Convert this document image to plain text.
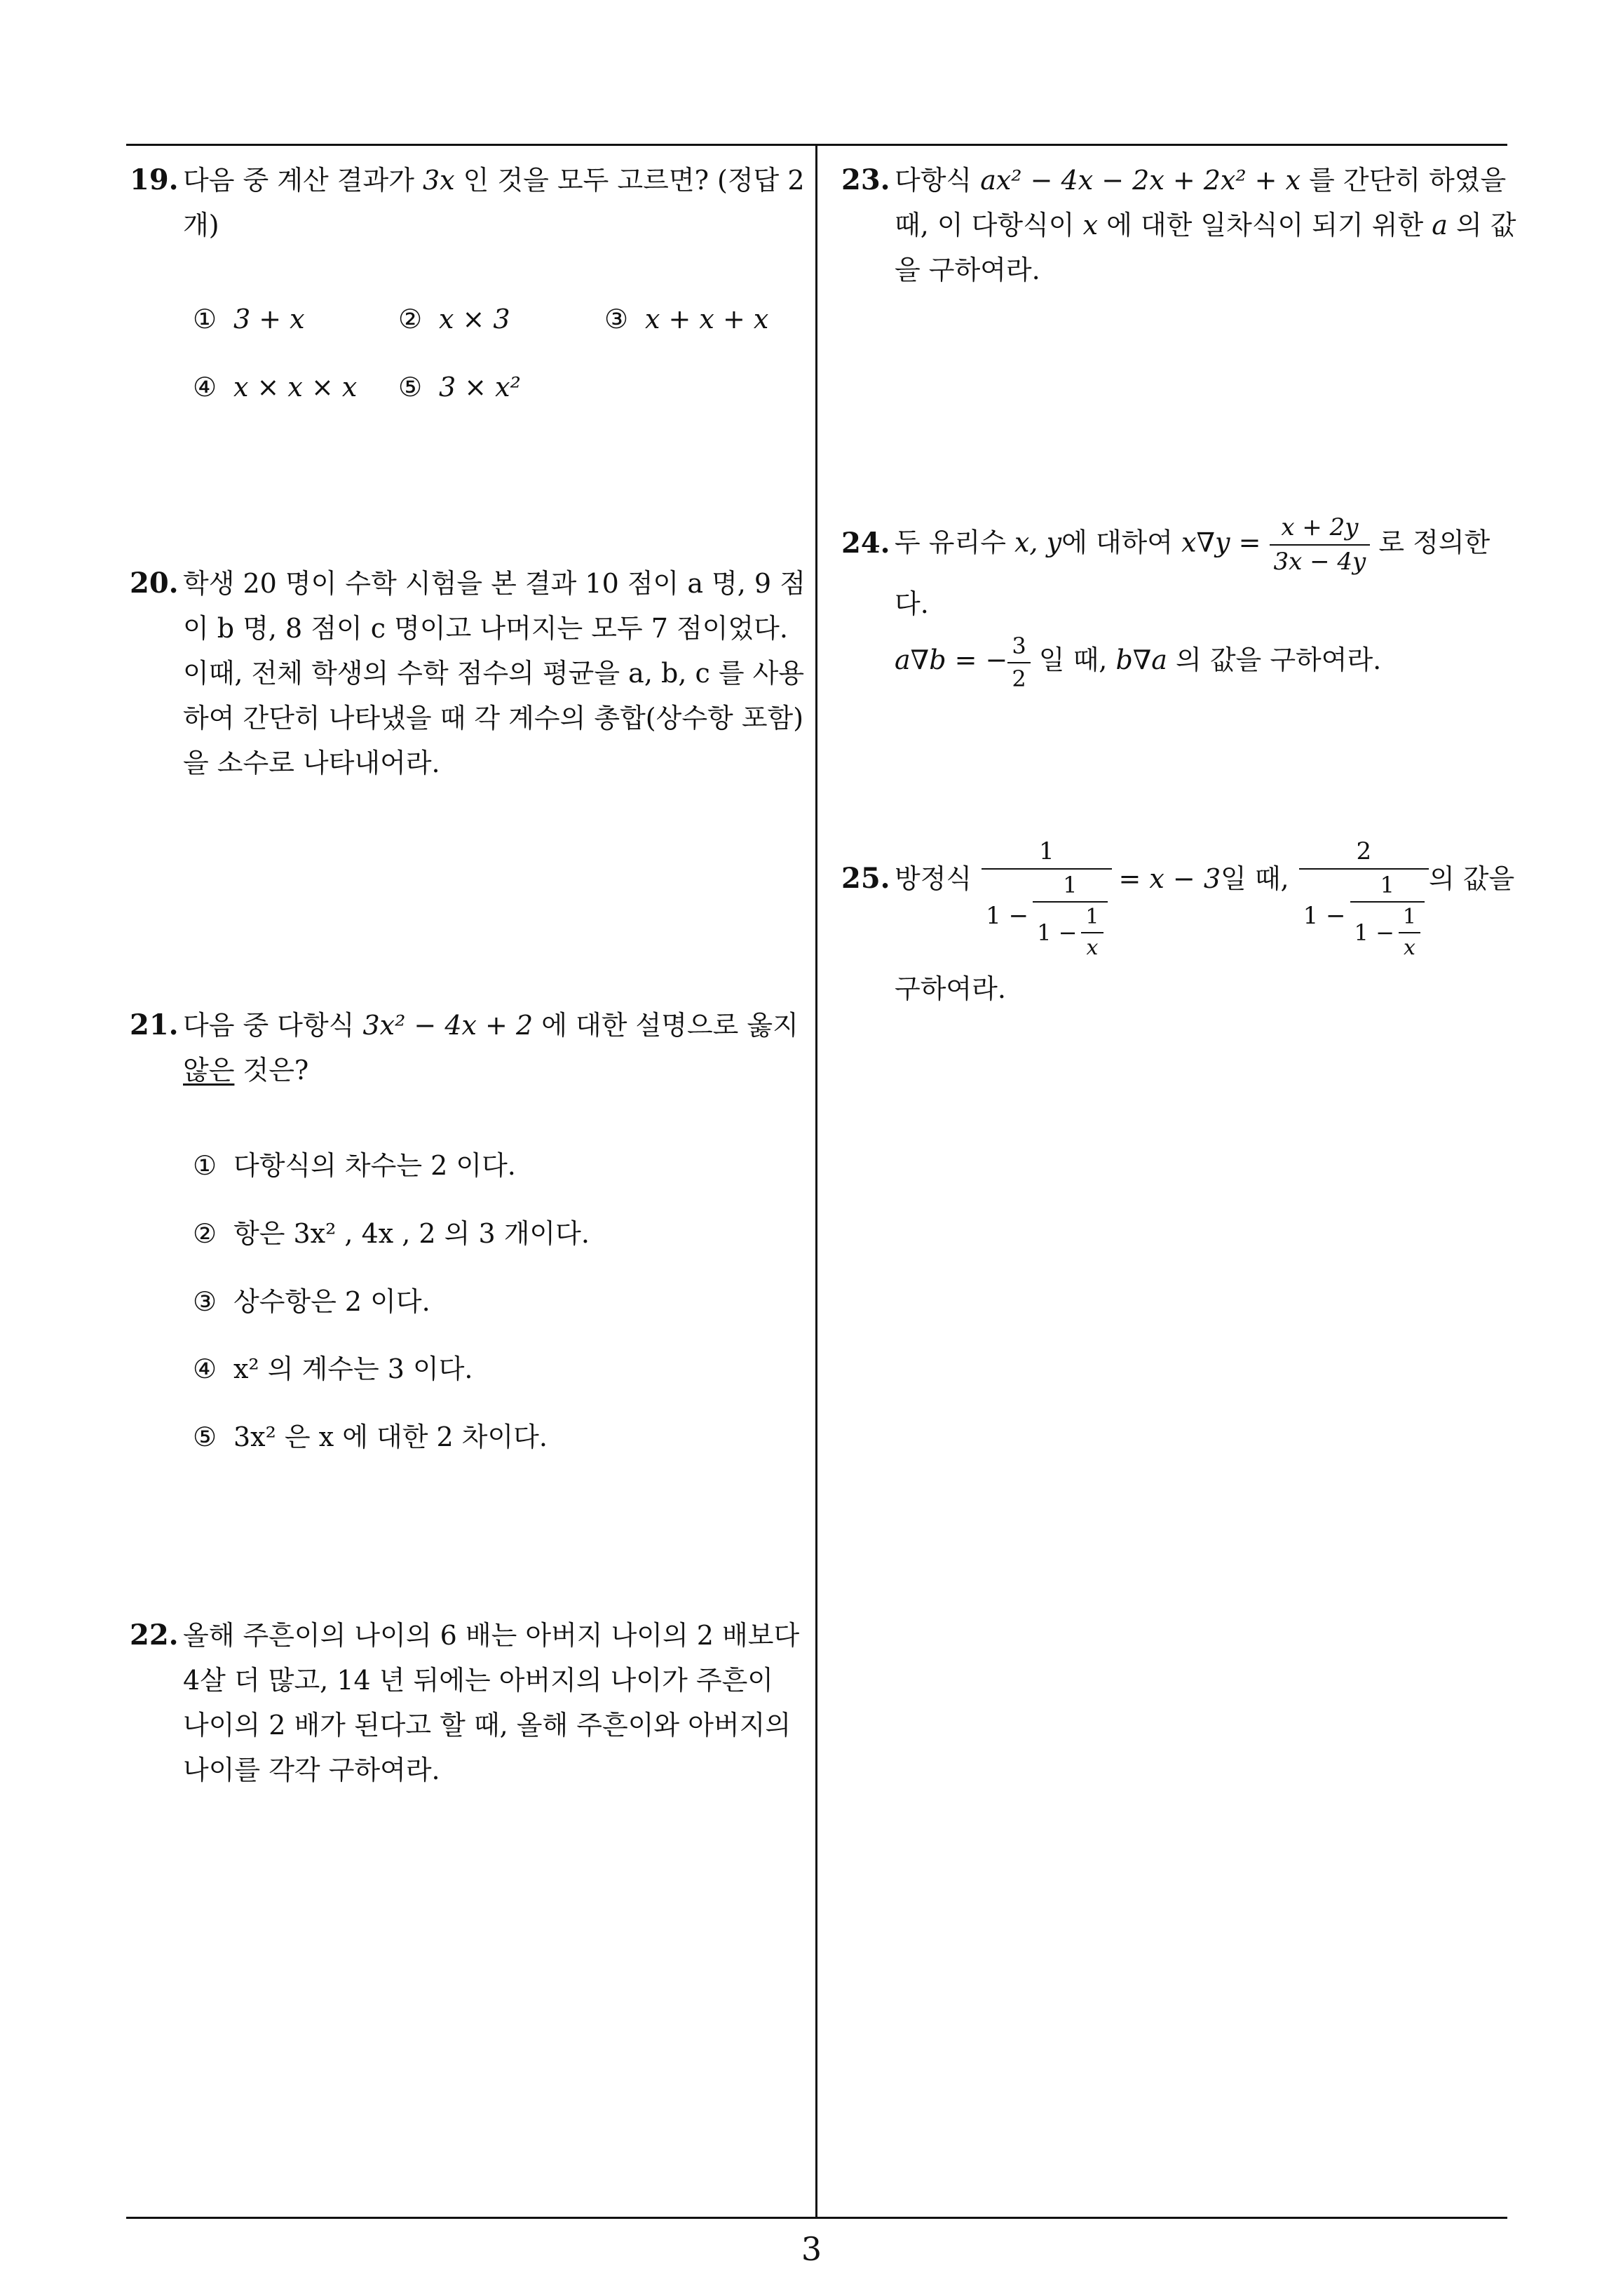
19. 다음 중 계산 결과가 3x 인 것을 모두 고르면? (정답 2 개)
① 3 + x	② x × 3	③ x + x + x
④ x × x × x ⑤ 3 × x²
20. 학생 20 명이 수학 시험을 본 결과 10 점이 a 명, 9 점이 b 명, 8 점이 c 명이고 나머지는 모두 7 점이었다. 이때, 전체 학생의 수학 점수의 평균을 a, b, c 를 사용하여 간단히 나타냈을 때 각 계수의 총합(상수항 포함)을 소수로 나타내어라.
21. 다음 중 다항식 3x² − 4x + 2 에 대한 설명으로 옳지 않은 것은?
① 다항식의 차수는 2 이다.
② 항은 3x² , 4x , 2 의 3 개이다.
③ 상수항은 2 이다.
④ x² 의 계수는 3 이다.
⑤ 3x² 은 x 에 대한 2 차이다.
22. 올해 주흔이의 나이의 6 배는 아버지 나이의 2 배보다 4살 더 많고, 14 년 뒤에는 아버지의 나이가 주흔이 나이의 2 배가 된다고 할 때, 올해 주흔이와 아버지의 나이를 각각 구하여라.
23. 다항식 ax² − 4x − 2x + 2x² + x 를 간단히 하였을 때, 이 다항식이 x 에 대한 일차식이 되기 위한 a 의 값을 구하여라.
24. 두 유리수 x, y에 대하여 $x\nabla y = \frac{x + 2y}{3x - 4y}$ 로 정의한다.
a∇b = − $\frac{3}{2}$ 일 때, b∇a 의 값을 구하여라.
25. 방정식
1
1 −
1
$1 - \frac{1}{x}$
= x − 3 일 때,
2
1 −
1
$1 - \frac{1}{x}$
의 값을
구하여라.
3
